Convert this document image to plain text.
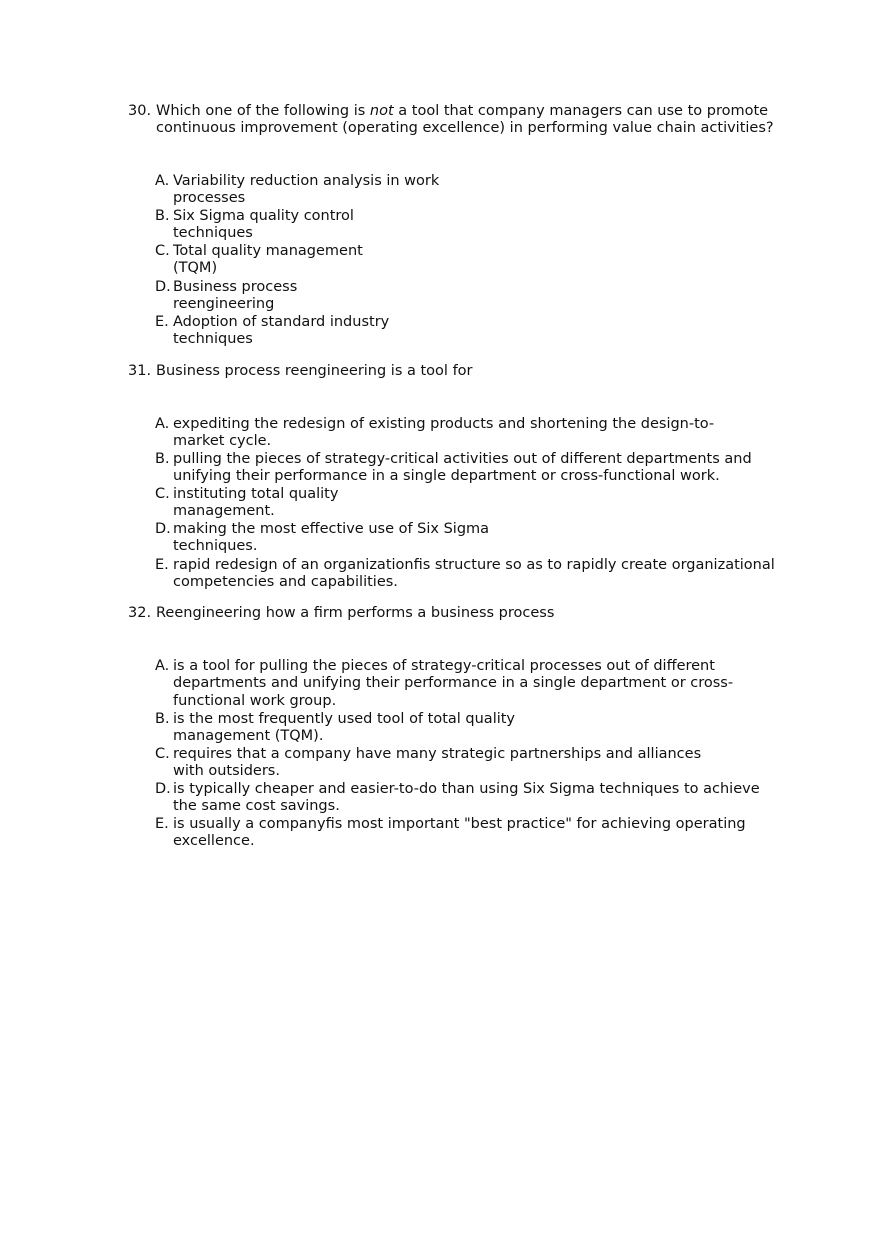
30. Which one of the following is not a tool that company managers can use to promote continuous improvement (operating excellence) in performing value chain activities?
A. Variability reduction analysis in work processes
B. Six Sigma quality control techniques
C. Total quality management (TQM)
D. Business process reengineering
E. Adoption of standard industry techniques
31. Business process reengineering is a tool for
A. expediting the redesign of existing products and shortening the design-to-market cycle.
B. pulling the pieces of strategy-critical activities out of different departments and unifying their performance in a single department or cross-functional work.
C. instituting total quality management.
D. making the most effective use of Six Sigma techniques.
E. rapid redesign of an organizationfis structure so as to rapidly create organizational competencies and capabilities.
32. Reengineering how a firm performs a business process
A. is a tool for pulling the pieces of strategy-critical processes out of different departments and unifying their performance in a single department or cross-functional work group.
B. is the most frequently used tool of total quality management (TQM).
C. requires that a company have many strategic partnerships and alliances with outsiders.
D. is typically cheaper and easier-to-do than using Six Sigma techniques to achieve the same cost savings.
E. is usually a companyfis most important "best practice" for achieving operating excellence.
